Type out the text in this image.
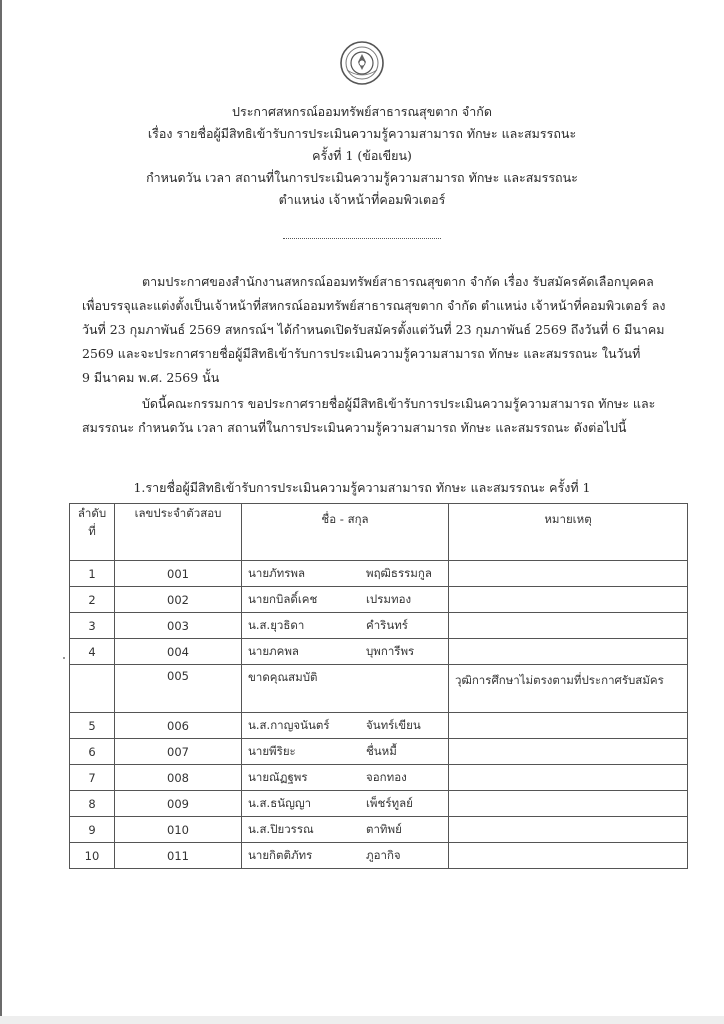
ประกาศสหกรณ์ออมทรัพย์สาธารณสุขตาก จำกัด
เรื่อง รายชื่อผู้มีสิทธิเข้ารับการประเมินความรู้ความสามารถ ทักษะ และสมรรถนะ
ครั้งที่ 1 (ข้อเขียน)
กำหนดวัน เวลา สถานที่ในการประเมินความรู้ความสามารถ ทักษะ และสมรรถนะ
ตำแหน่ง เจ้าหน้าที่คอมพิวเตอร์
ตามประกาศของสำนักงานสหกรณ์ออมทรัพย์สาธารณสุขตาก จำกัด เรื่อง รับสมัครคัดเลือกบุคคล
เพื่อบรรจุและแต่งตั้งเป็นเจ้าหน้าที่สหกรณ์ออมทรัพย์สาธารณสุขตาก จำกัด ตำแหน่ง เจ้าหน้าที่คอมพิวเตอร์ ลง
วันที่ 23 กุมภาพันธ์ 2569 สหกรณ์ฯ ได้กำหนดเปิดรับสมัครตั้งแต่วันที่ 23 กุมภาพันธ์ 2569 ถึงวันที่ 6 มีนาคม
2569 และจะประกาศรายชื่อผู้มีสิทธิเข้ารับการประเมินความรู้ความสามารถ ทักษะ และสมรรถนะ ในวันที่
9 มีนาคม พ.ศ. 2569 นั้น
บัดนี้คณะกรรมการ ขอประกาศรายชื่อผู้มีสิทธิเข้ารับการประเมินความรู้ความสามารถ ทักษะ และ
สมรรถนะ กำหนดวัน เวลา สถานที่ในการประเมินความรู้ความสามารถ ทักษะ และสมรรถนะ ดังต่อไปนี้
1.รายชื่อผู้มีสิทธิเข้ารับการประเมินความรู้ความสามารถ ทักษะ และสมรรถนะ ครั้งที่ 1
ลำดับ
ที่	เลขประจำตัวสอบ	ชื่อ - สกุล	หมายเหตุ
1	001	นายภัทรพล พฤฒิธรรมกูล	
2	002	นายกบิลดิ์เคช เปรมทอง	
3	003	น.ส.ยุวธิดา คำรินทร์	
4	004	นายภคพล บุพการีพร	
	005	ขาดคุณสมบัติ	วุฒิการศึกษาไม่ตรงตามที่ประกาศรับสมัคร
5	006	น.ส.กาญจนันตร์ จันทร์เขียน	
6	007	นายพีริยะ ชื่นหมื้	
7	008	นายณัฏฐพร จอกทอง	
8	009	น.ส.ธนัญญา เพ็ชร์ทูลย์	
9	010	น.ส.ปิยวรรณ ตาทิพย์	
10	011	นายกิตติภัทร ภูอากิจ	
